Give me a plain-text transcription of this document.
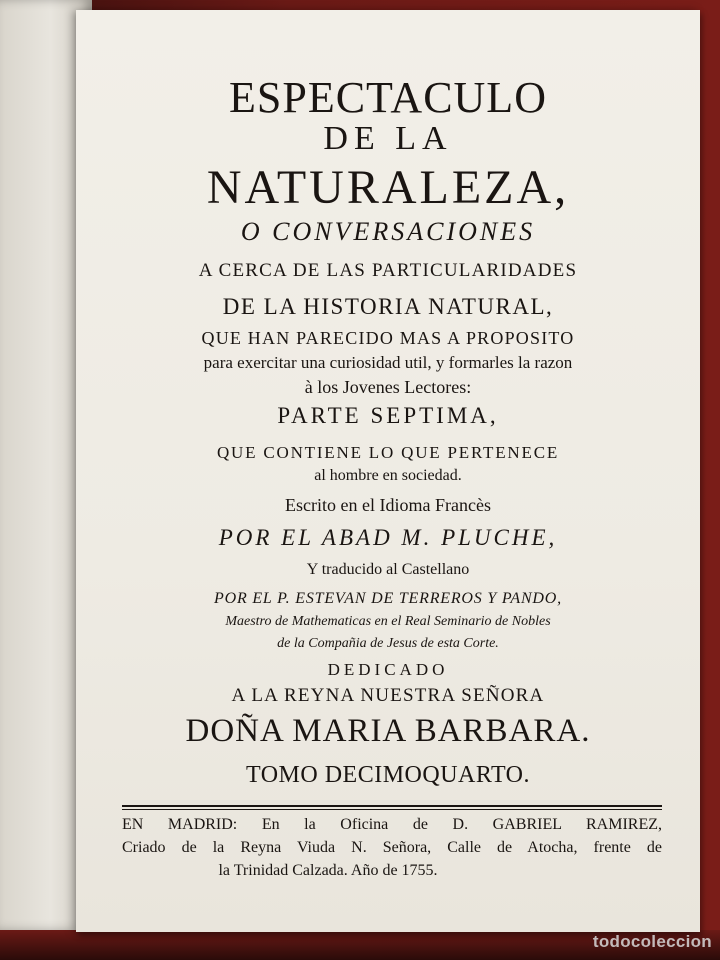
ESPECTACULO
DE LA
NATURALEZA,
O CONVERSACIONES
A CERCA DE LAS PARTICULARIDADES
DE LA HISTORIA NATURAL,
QUE HAN PARECIDO MAS A PROPOSITO
para exercitar una curiosidad util, y formarles la razon
à los Jovenes Lectores:
PARTE SEPTIMA,
QUE CONTIENE LO QUE PERTENECE
al hombre en sociedad.
Escrito en el Idioma Francès
POR EL ABAD M. PLUCHE,
Y traducido al Castellano
POR EL P. ESTEVAN DE TERREROS Y PANDO,
Maestro de Mathematicas en el Real Seminario de Nobles
de la Compañia de Jesus de esta Corte.
DEDICADO
A LA REYNA NUESTRA SEÑORA
DOÑA MARIA BARBARA.
TOMO DECIMOQUARTO.
EN MADRID: En la Oficina de D. GABRIEL RAMIREZ,
Criado de la Reyna Viuda N. Señora, Calle de Atocha, frente de
la Trinidad Calzada. Año de 1755.
todocoleccion
